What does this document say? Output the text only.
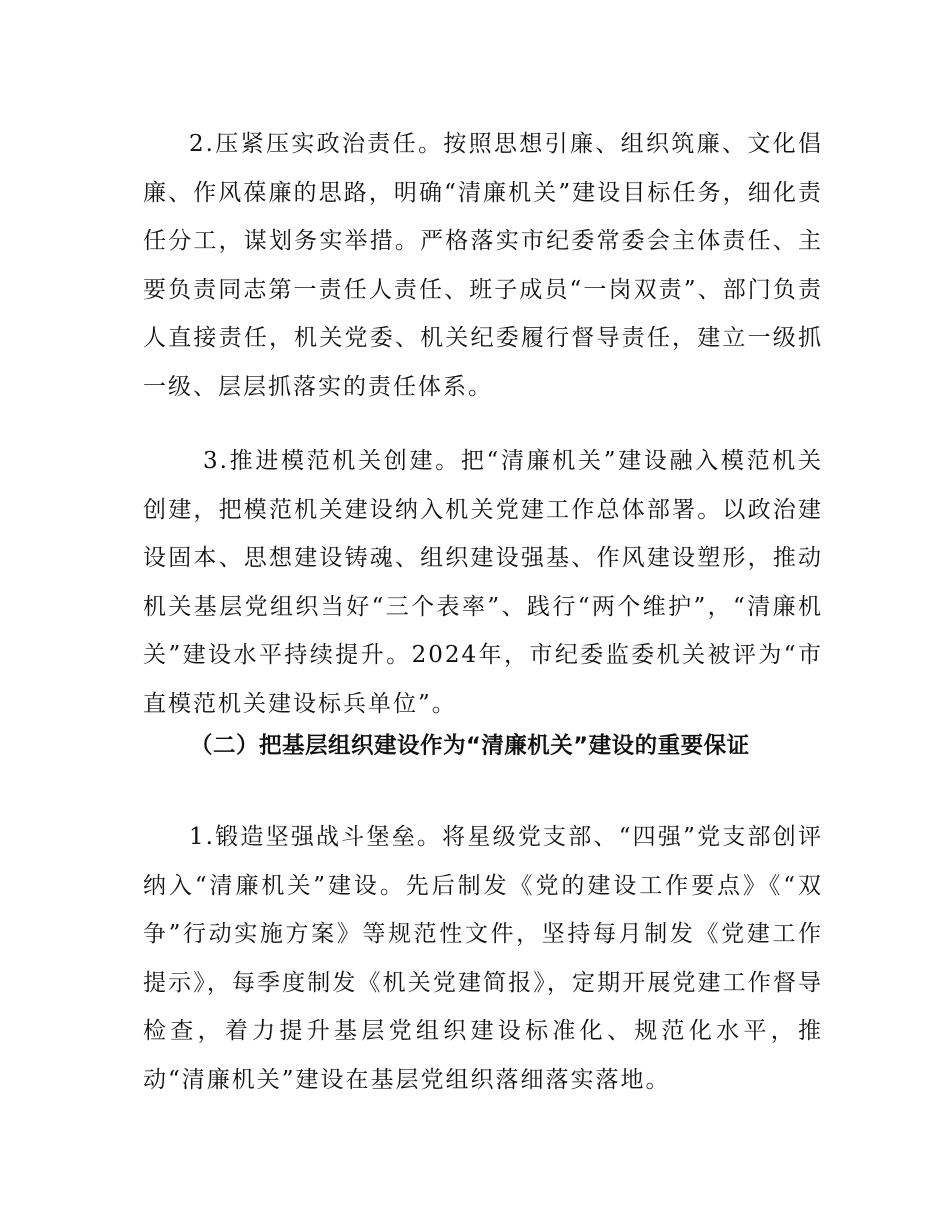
2.压紧压实政治责任。按照思想引廉、组织筑廉、文化倡廉、作风葆廉的思路，明确“清廉机关”建设目标任务，细化责任分工，谋划务实举措。严格落实市纪委常委会主体责任、主要负责同志第一责任人责任、班子成员“一岗双责”、部门负责人直接责任，机关党委、机关纪委履行督导责任，建立一级抓一级、层层抓落实的责任体系。

3.推进模范机关创建。把“清廉机关”建设融入模范机关创建，把模范机关建设纳入机关党建工作总体部署。以政治建设固本、思想建设铸魂、组织建设强基、作风建设塑形，推动机关基层党组织当好“三个表率”、践行“两个维护”，“清廉机关”建设水平持续提升。2024年，市纪委监委机关被评为“市直模范机关建设标兵单位”。

（二）把基层组织建设作为“清廉机关”建设的重要保证

1.锻造坚强战斗堡垒。将星级党支部、“四强”党支部创评纳入“清廉机关”建设。先后制发《党的建设工作要点》《“双争”行动实施方案》等规范性文件，坚持每月制发《党建工作提示》，每季度制发《机关党建简报》，定期开展党建工作督导检查，着力提升基层党组织建设标准化、规范化水平，推动“清廉机关”建设在基层党组织落细落实落地。
